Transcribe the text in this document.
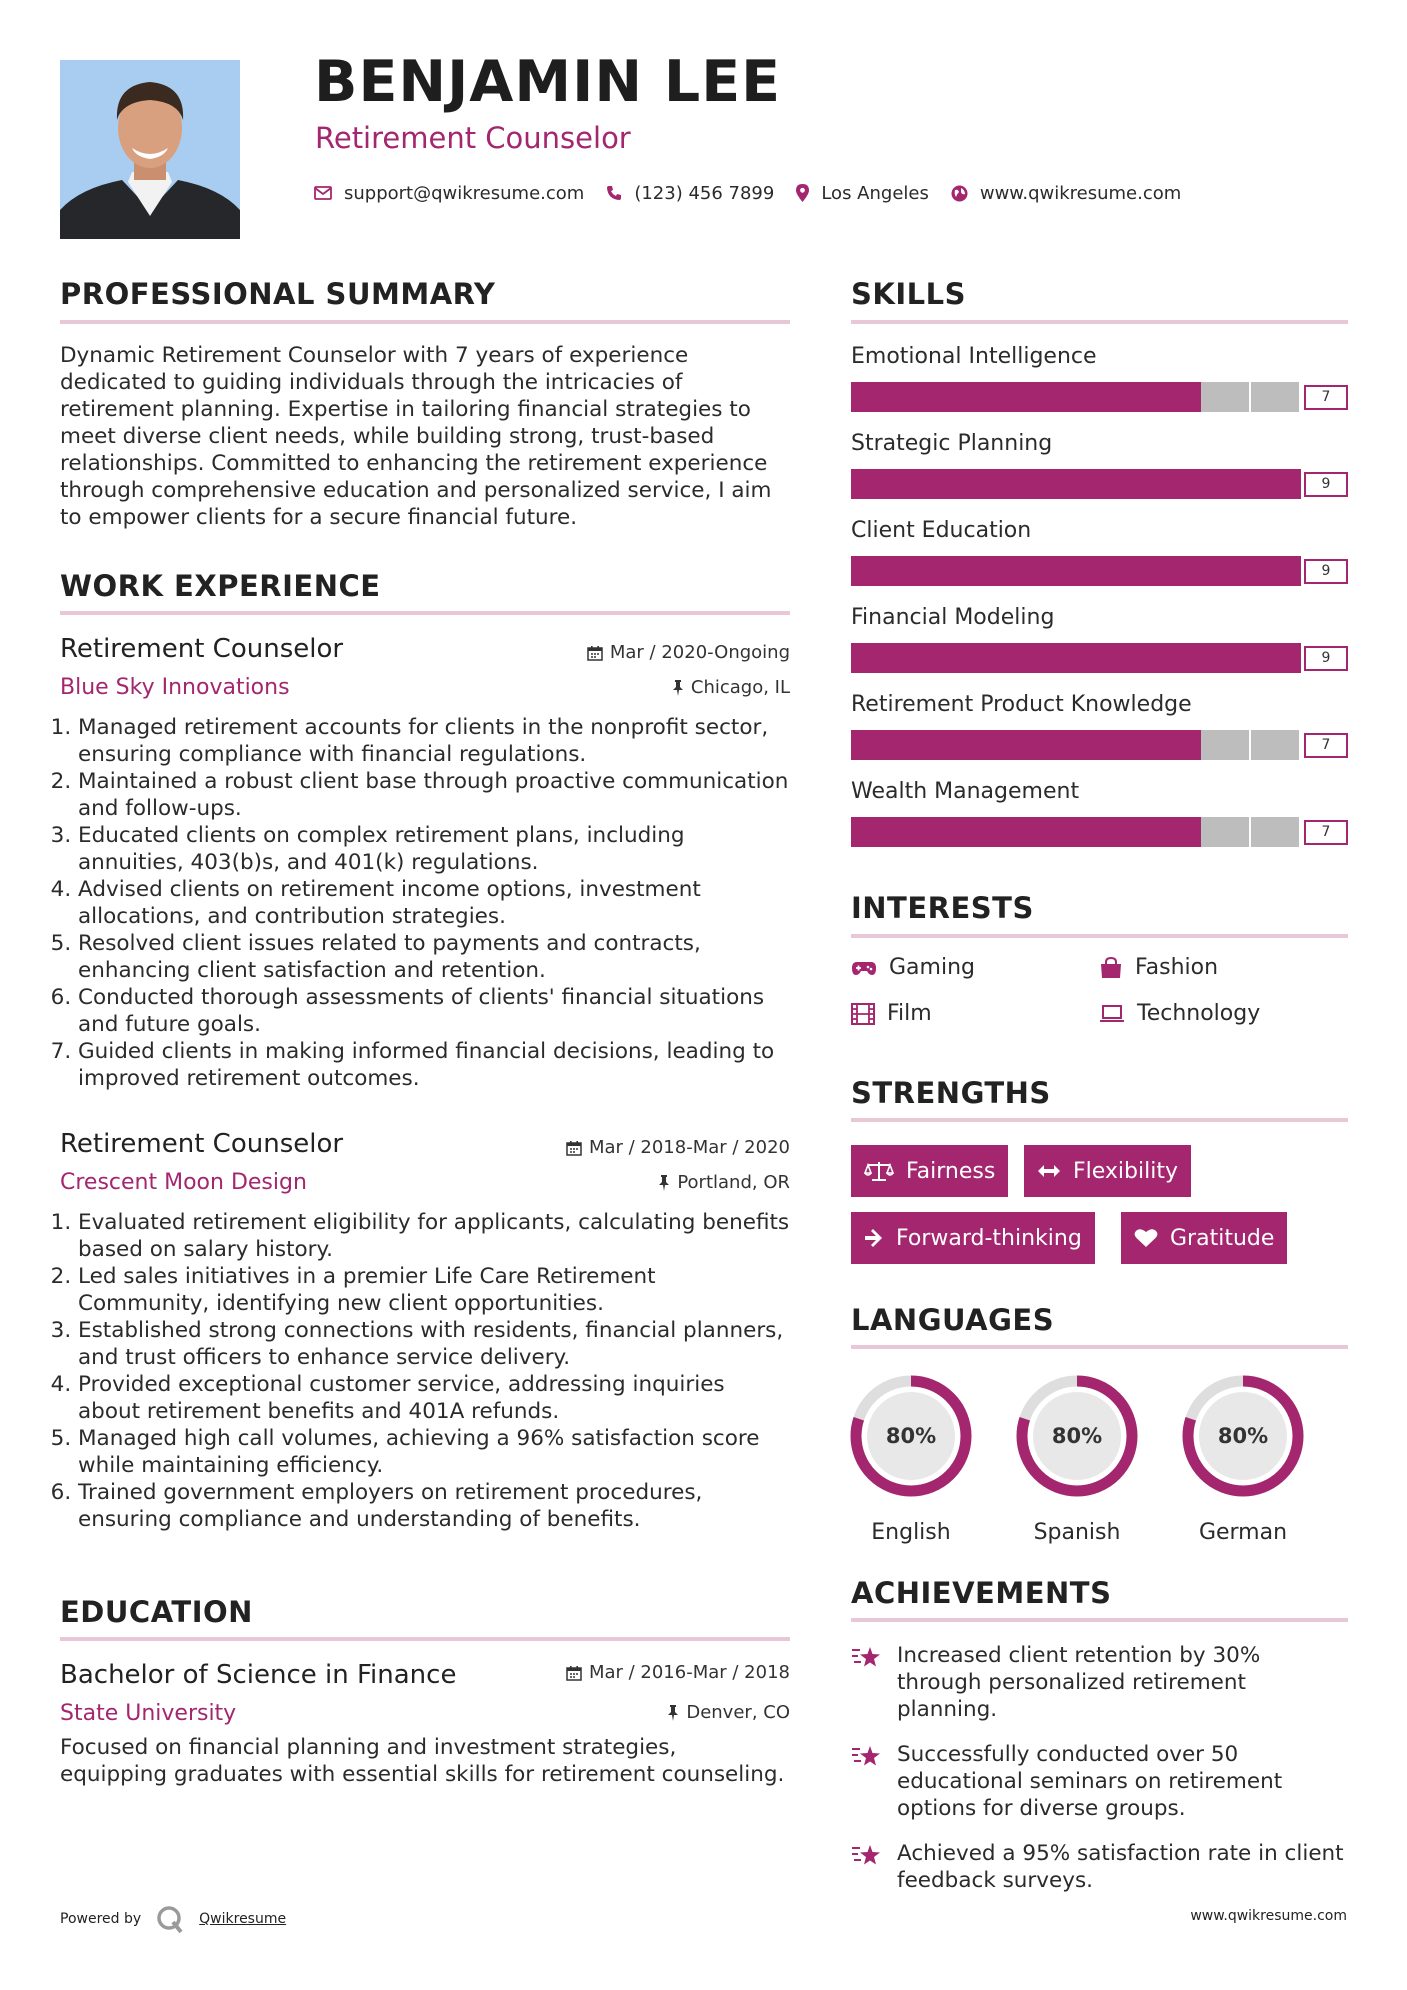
BENJAMIN LEE
Retirement Counselor
support@qwikresume.com	(123) 456 7899	Los Angeles	www.qwikresume.com
PROFESSIONAL SUMMARY
Dynamic Retirement Counselor with 7 years of experience dedicated to guiding individuals through the intricacies of retirement planning. Expertise in tailoring financial strategies to meet diverse client needs, while building strong, trust-based relationships. Committed to enhancing the retirement experience through comprehensive education and personalized service, I aim to empower clients for a secure financial future.
WORK EXPERIENCE
Retirement Counselor
Blue Sky Innovations
Mar / 2020-Ongoing
Chicago, IL
1. Managed retirement accounts for clients in the nonprofit sector, ensuring compliance with financial regulations.
2. Maintained a robust client base through proactive communication and follow-ups.
3. Educated clients on complex retirement plans, including annuities, 403(b)s, and 401(k) regulations.
4. Advised clients on retirement income options, investment allocations, and contribution strategies.
5. Resolved client issues related to payments and contracts, enhancing client satisfaction and retention.
6. Conducted thorough assessments of clients' financial situations and future goals.
7. Guided clients in making informed financial decisions, leading to improved retirement outcomes.
Retirement Counselor
Crescent Moon Design
Mar / 2018-Mar / 2020
Portland, OR
1. Evaluated retirement eligibility for applicants, calculating benefits based on salary history.
2. Led sales initiatives in a premier Life Care Retirement Community, identifying new client opportunities.
3. Established strong connections with residents, financial planners, and trust officers to enhance service delivery.
4. Provided exceptional customer service, addressing inquiries about retirement benefits and 401A refunds.
5. Managed high call volumes, achieving a 96% satisfaction score while maintaining efficiency.
6. Trained government employers on retirement procedures, ensuring compliance and understanding of benefits.
EDUCATION
Bachelor of Science in Finance
State University
Mar / 2016-Mar / 2018
Denver, CO
Focused on financial planning and investment strategies, equipping graduates with essential skills for retirement counseling.
SKILLS
Emotional Intelligence
7
Strategic Planning
9
Client Education
9
Financial Modeling
9
Retirement Product Knowledge
7
Wealth Management
7
INTERESTS
Gaming	Fashion
Film	Technology
STRENGTHS
Fairness	Flexibility
Forward-thinking	Gratitude
LANGUAGES
80%
English
80%
Spanish
80%
German
ACHIEVEMENTS
Increased client retention by 30% through personalized retirement planning.
Successfully conducted over 50 educational seminars on retirement options for diverse groups.
Achieved a 95% satisfaction rate in client feedback surveys.
Powered by	Qwikresume	www.qwikresume.com
